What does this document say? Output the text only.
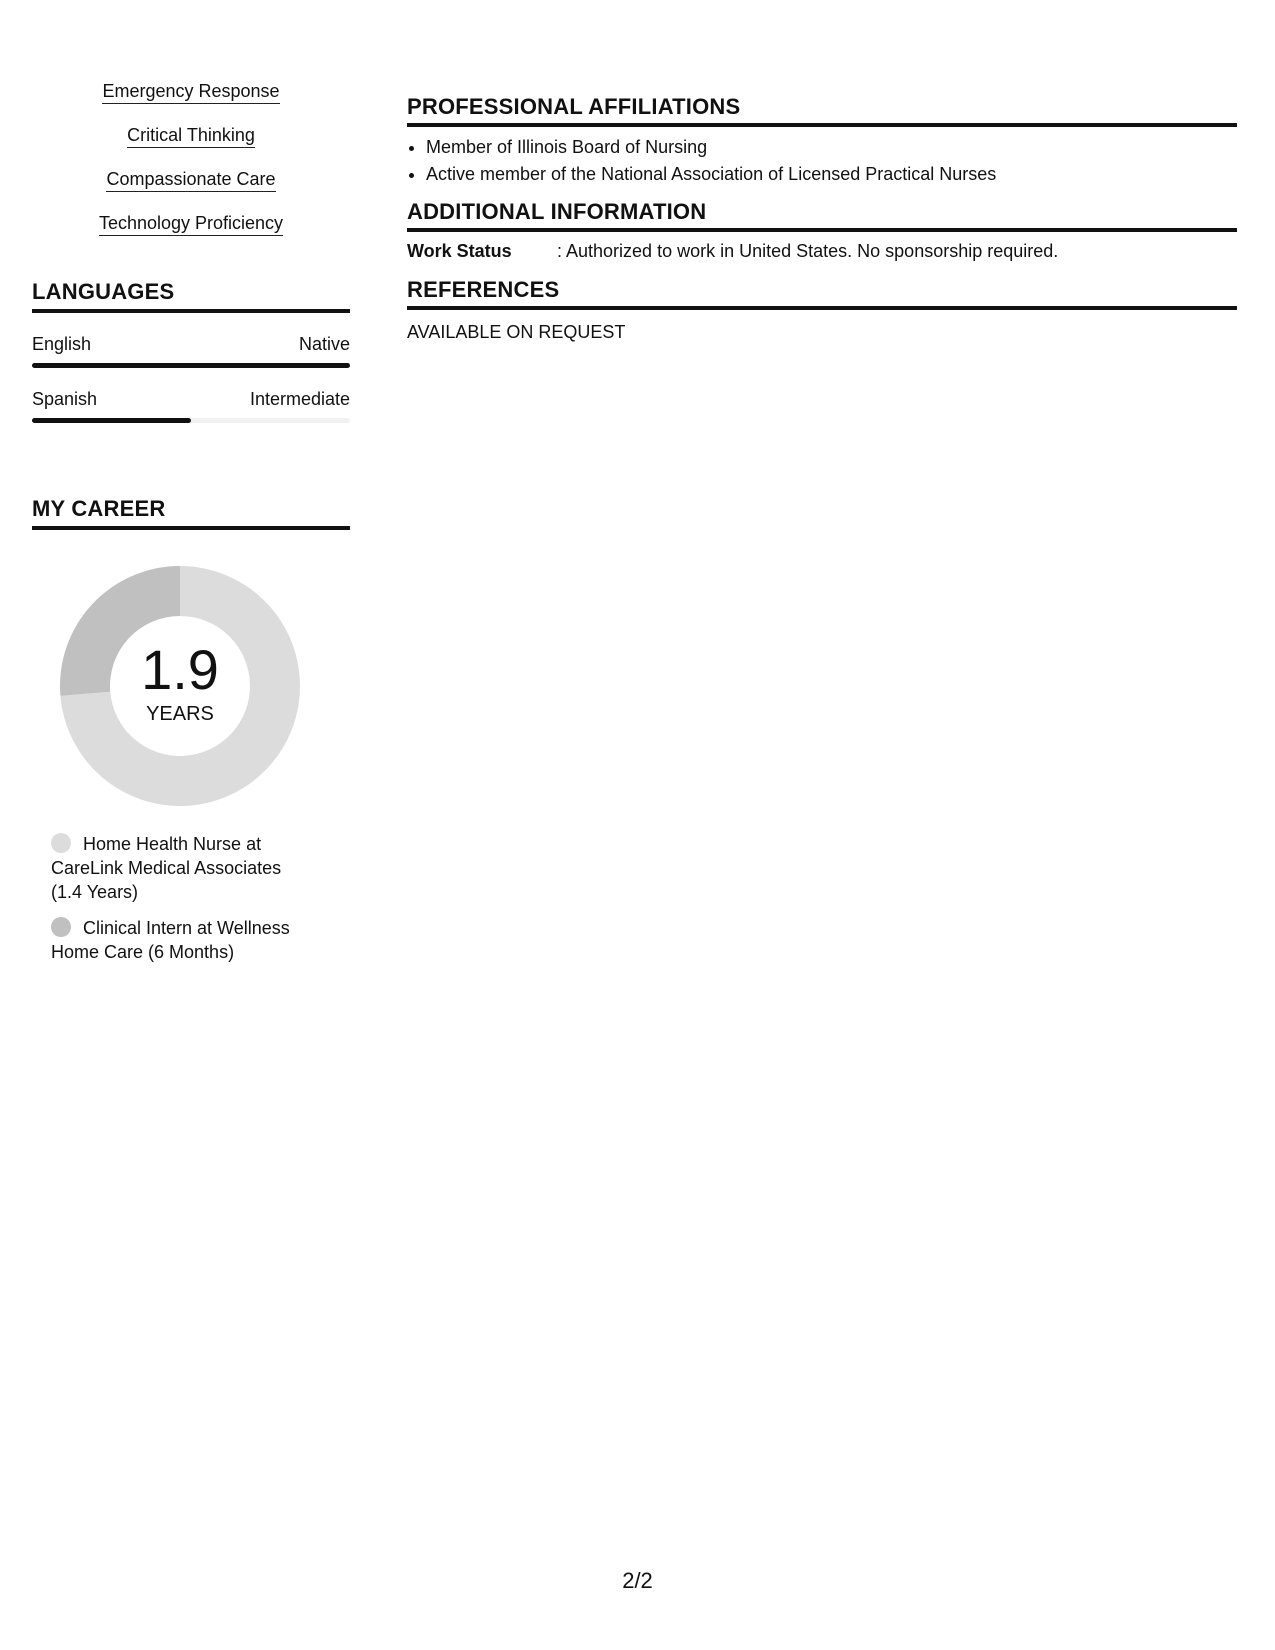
Emergency Response
Critical Thinking
Compassionate Care
Technology Proficiency
LANGUAGES
English	Native
Spanish	Intermediate
MY CAREER
1.9
YEARS
Home Health Nurse at CareLink Medical Associates (1.4 Years)
Clinical Intern at Wellness Home Care (6 Months)
PROFESSIONAL AFFILIATIONS
• Member of Illinois Board of Nursing
• Active member of the National Association of Licensed Practical Nurses
ADDITIONAL INFORMATION
Work Status	: Authorized to work in United States. No sponsorship required.
REFERENCES
AVAILABLE ON REQUEST
2/2
